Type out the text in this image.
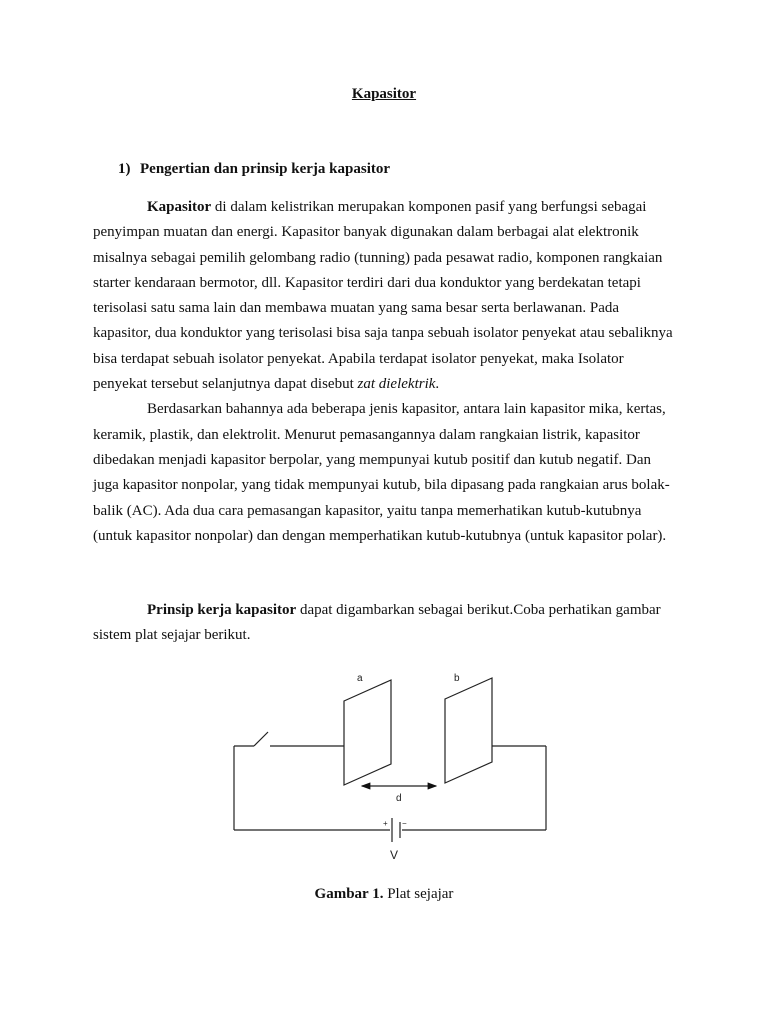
Kapasitor
1) Pengertian dan prinsip kerja kapasitor
Kapasitor di dalam kelistrikan merupakan komponen pasif yang berfungsi sebagai penyimpan muatan dan energi. Kapasitor banyak digunakan dalam berbagai alat elektronik misalnya sebagai pemilih gelombang radio (tunning) pada pesawat radio, komponen rangkaian starter kendaraan bermotor, dll. Kapasitor terdiri dari dua konduktor yang berdekatan tetapi terisolasi satu sama lain dan membawa muatan yang sama besar serta berlawanan. Pada kapasitor, dua konduktor yang terisolasi bisa saja tanpa sebuah isolator penyekat atau sebaliknya bisa terdapat sebuah isolator penyekat. Apabila terdapat isolator penyekat, maka Isolator penyekat tersebut selanjutnya dapat disebut zat dielektrik.
Berdasarkan bahannya ada beberapa jenis kapasitor, antara lain kapasitor mika, kertas, keramik, plastik, dan elektrolit. Menurut pemasangannya dalam rangkaian listrik, kapasitor dibedakan menjadi kapasitor berpolar, yang mempunyai kutub positif dan kutub negatif. Dan juga kapasitor nonpolar, yang tidak mempunyai kutub, bila dipasang pada rangkaian arus bolak-balik (AC). Ada dua cara pemasangan kapasitor, yaitu tanpa memerhatikan kutub-kutubnya (untuk kapasitor nonpolar) dan dengan memperhatikan kutub-kutubnya (untuk kapasitor polar).
Prinsip kerja kapasitor dapat digambarkan sebagai berikut.Coba perhatikan gambar sistem plat sejajar berikut.
a	b
d
+ −
V
Gambar 1. Plat sejajar
